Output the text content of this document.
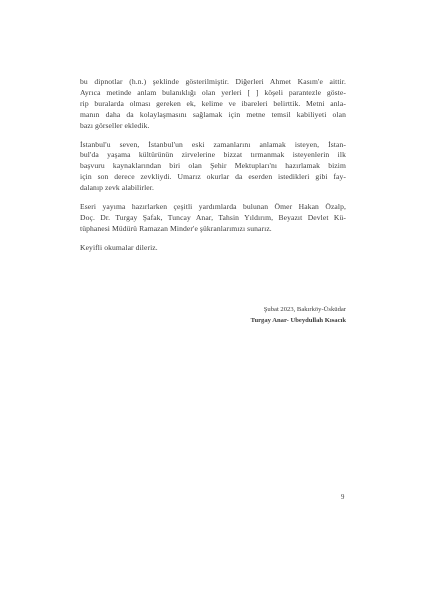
bu dipnotlar (h.n.) şeklinde gösterilmiştir. Diğerleri Ahmet Kasım'e aittir.
Ayrıca metinde anlam bulanıklığı olan yerleri [ ] köşeli parantezle göste-
rip buralarda olması gereken ek, kelime ve ibareleri belirttik. Metni anla-
manın daha da kolaylaşmasını sağlamak için metne temsil kabiliyeti olan
bazı görseller ekledik.
İstanbul'u seven, İstanbul'un eski zamanlarını anlamak isteyen, İstan-
bul'da yaşama kültürünün zirvelerine bizzat tırmanmak isteyenlerin ilk
başvuru kaynaklarından biri olan Şehir Mektupları'nı hazırlamak bizim
için son derece zevkliydi. Umarız okurlar da eserden istedikleri gibi fay-
dalanıp zevk alabilirler.
Eseri yayıma hazırlarken çeşitli yardımlarda bulunan Ömer Hakan Özalp,
Doç. Dr. Turgay Şafak, Tuncay Anar, Tahsin Yıldırım, Beyazıt Devlet Kü-
tüphanesi Müdürü Ramazan Minder'e şükranlarımızı sunarız.
Keyifli okumalar dileriz.
Şubat 2023, Bakırköy-Üsküdar
Turgay Anar- Ubeydullah Kısacık
9
